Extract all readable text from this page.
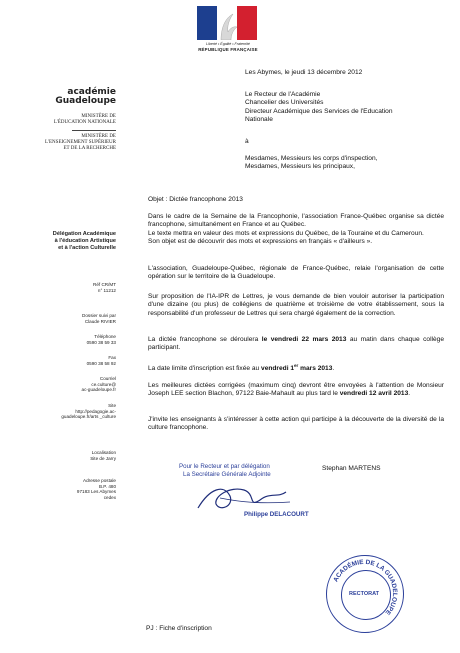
Liberté • Égalité • Fraternité
RÉPUBLIQUE FRANÇAISE
académie
Guadeloupe
MINISTÈRE DE
L'ÉDUCATION NATIONALE
MINISTÈRE DE
L'ENSEIGNEMENT SUPÉRIEUR
ET DE LA RECHERCHE
Délégation Académique
à l'éducation Artistique
et à l'action Culturelle
Réf CR/MT
n° 11212
Dossier suivi par
Claude RIVIER
Téléphone
0590 38 59 33
Fax
0590 38 58 92
Courriel
ce.culture@
ac-guadeloupe.fr
Site
http://pedagogie.ac-
guadeloupe.fr/arts _culture
Localisation
Site de Jarry
Adresse postale
B.P. 480
97183 Les Abymes
cedex
Les Abymes, le jeudi 13 décembre 2012
Le Recteur de l'Académie
Chancelier des Universités
Directeur Académique des Services de l'Education
Nationale
à
Mesdames, Messieurs les corps d'inspection,
Mesdames, Messieurs les principaux,
Objet : Dictée francophone 2013

Dans le cadre de la Semaine de la Francophonie, l'association France-Québec organise sa dictée francophone, simultanément en France et au Québec.

Le texte mettra en valeur des mots et expressions du Québec, de la Touraine et du Cameroun.

Son objet est de découvrir des mots et expressions en français « d'ailleurs ».

L'association, Guadeloupe-Québec, régionale de France-Québec, relaie l'organisation de cette opération sur le territoire de la Guadeloupe.
Sur proposition de l'IA-IPR de Lettres, je vous demande de bien vouloir autoriser la participation d'une dizaine (ou plus) de collégiens de quatrième et troisième de votre établissement, sous la responsabilité d'un professeur de Lettres qui sera chargé également de la correction.
La dictée francophone se déroulera le vendredi 22 mars 2013 au matin dans chaque collège participant.
La date limite d'inscription est fixée au vendredi 1er mars 2013.
Les meilleures dictées corrigées (maximum cinq) devront être envoyées à l'attention de Monsieur Joseph LEE section Blachon, 97122 Baie-Mahault au plus tard le vendredi 12 avril 2013.
J'invite les enseignants à s'intéresser à cette action qui participe à la découverte de la diversité de la culture francophone.
Pour le Recteur et par délégation
La Secrétaire Générale Adjointe
Stephan MARTENS
Philippe DELACOURT
ACADÉMIE DE LA GUADELOUPE
RECTORAT
PJ : Fiche d'inscription
